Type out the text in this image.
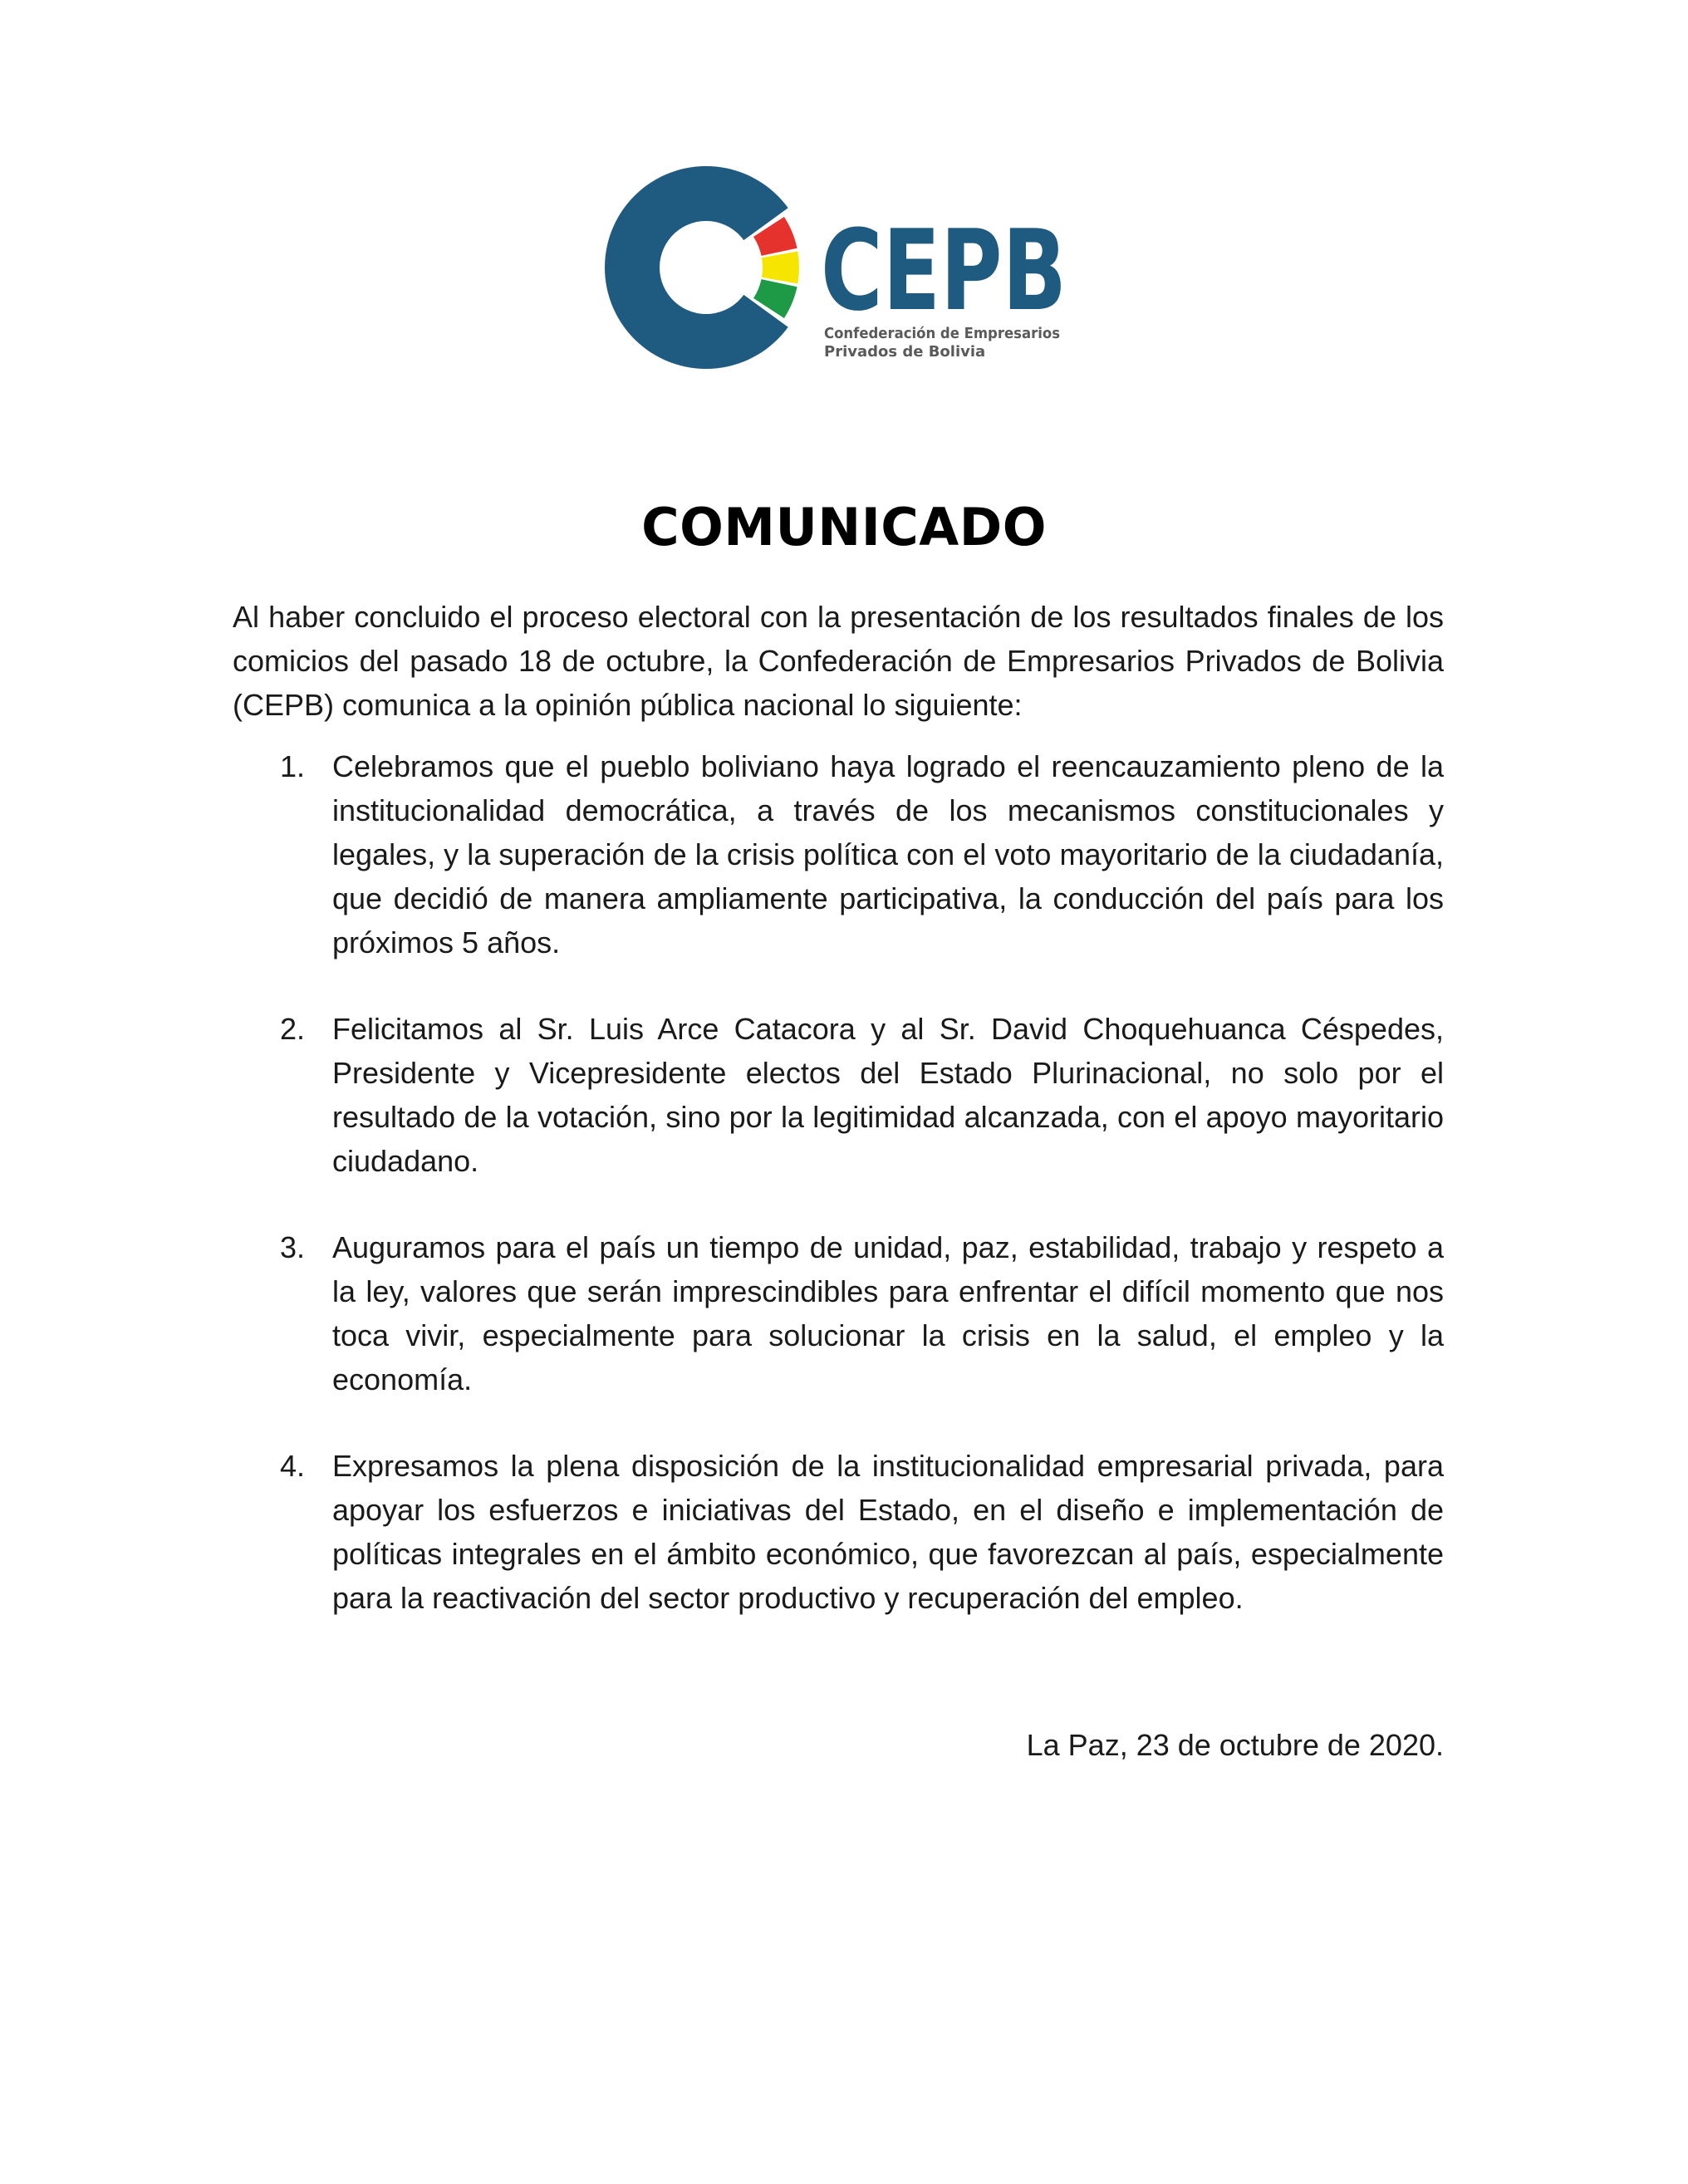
CEPB
Confederación de Empresarios
Privados de Bolivia
COMUNICADO

Al haber concluido el proceso electoral con la presentación de los resultados finales de los comicios del pasado 18 de octubre, la Confederación de Empresarios Privados de Bolivia (CEPB) comunica a la opinión pública nacional lo siguiente:

1. Celebramos que el pueblo boliviano haya logrado el reencauzamiento pleno de la institucionalidad democrática, a través de los mecanismos constitucionales y legales, y la superación de la crisis política con el voto mayoritario de la ciudadanía, que decidió de manera ampliamente participativa, la conducción del país para los próximos 5 años.
2. Felicitamos al Sr. Luis Arce Catacora y al Sr. David Choquehuanca Céspedes, Presidente y Vicepresidente electos del Estado Plurinacional, no solo por el resultado de la votación, sino por la legitimidad alcanzada, con el apoyo mayoritario ciudadano.
3. Auguramos para el país un tiempo de unidad, paz, estabilidad, trabajo y respeto a la ley, valores que serán imprescindibles para enfrentar el difícil momento que nos toca vivir, especialmente para solucionar la crisis en la salud, el empleo y la economía.
4. Expresamos la plena disposición de la institucionalidad empresarial privada, para apoyar los esfuerzos e iniciativas del Estado, en el diseño e implementación de políticas integrales en el ámbito económico, que favorezcan al país, especialmente para la reactivación del sector productivo y recuperación del empleo.

La Paz, 23 de octubre de 2020.
